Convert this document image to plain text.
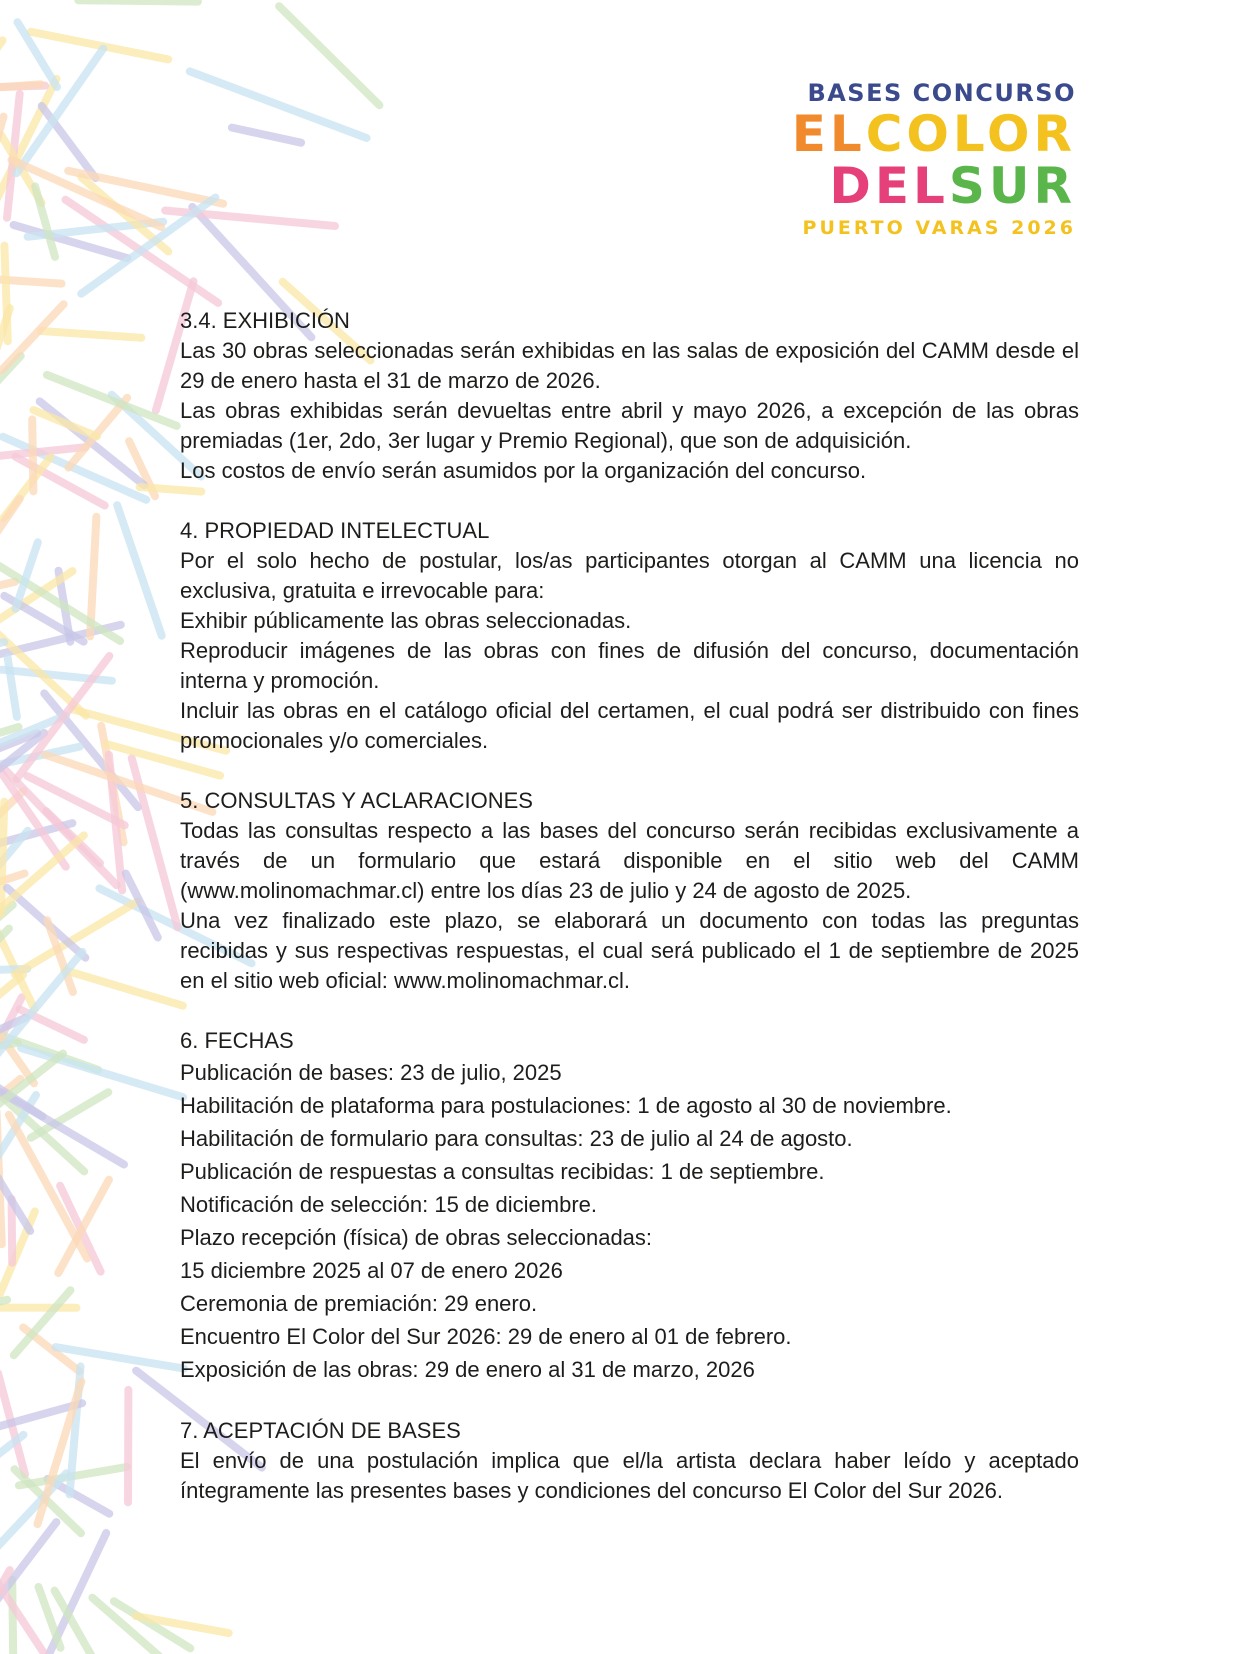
BASES CONCURSO
ELCOLOR
DELSUR
PUERTO VARAS 2026
3.4. EXHIBICIÓN
Las 30 obras seleccionadas serán exhibidas en las salas de exposición del CAMM desde el 29 de enero hasta el 31 de marzo de 2026.
Las obras exhibidas serán devueltas entre abril y mayo 2026, a excepción de las obras premiadas (1er, 2do, 3er lugar y Premio Regional), que son de adquisición.
Los costos de envío serán asumidos por la organización del concurso.
4. PROPIEDAD INTELECTUAL
Por el solo hecho de postular, los/as participantes otorgan al CAMM una licencia no exclusiva, gratuita e irrevocable para:
Exhibir públicamente las obras seleccionadas.
Reproducir imágenes de las obras con fines de difusión del concurso, documentación interna y promoción.
Incluir las obras en el catálogo oficial del certamen, el cual podrá ser distribuido con fines promocionales y/o comerciales.
5. CONSULTAS Y ACLARACIONES
Todas las consultas respecto a las bases del concurso serán recibidas exclusivamente a través de un formulario que estará disponible en el sitio web del CAMM (www.molinomachmar.cl) entre los días 23 de julio y 24 de agosto de 2025.
Una vez finalizado este plazo, se elaborará un documento con todas las preguntas recibidas y sus respectivas respuestas, el cual será publicado el 1 de septiembre de 2025 en el sitio web oficial: www.molinomachmar.cl.
6. FECHAS
Publicación de bases: 23 de julio, 2025
Habilitación de plataforma para postulaciones: 1 de agosto al 30 de noviembre.
Habilitación de formulario para consultas: 23 de julio al 24 de agosto.
Publicación de respuestas a consultas recibidas: 1 de septiembre.
Notificación de selección: 15 de diciembre.
Plazo recepción (física) de obras seleccionadas:
15 diciembre 2025 al 07 de enero 2026
Ceremonia de premiación: 29 enero.
Encuentro El Color del Sur 2026: 29 de enero al 01 de febrero.
Exposición de las obras: 29 de enero al 31 de marzo, 2026
7. ACEPTACIÓN DE BASES
El envío de una postulación implica que el/la artista declara haber leído y aceptado íntegramente las presentes bases y condiciones del concurso El Color del Sur 2026.
